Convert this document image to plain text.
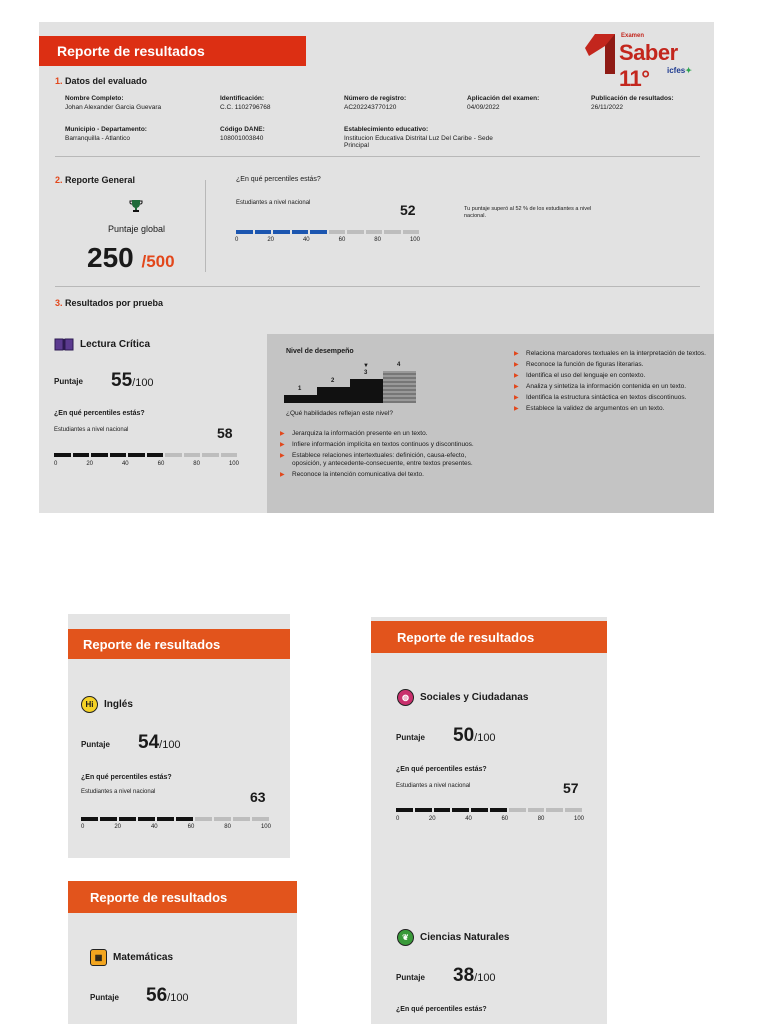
Reporte de resultados
Examen
Saber 11°	icfes✦
1. Datos del evaluado
Nombre Completo:
Johan Alexander Garcia Guevara
Identificación:
C.C. 1102796768
Número de registro:
AC202243770120
Aplicación del examen:
04/09/2022
Publicación de resultados:
26/11/2022
Municipio - Departamento:
Barranquilla - Atlantico
Código DANE:
108001003840
Establecimiento educativo:
Institucion Educativa Distrital Luz Del Caribe - Sede
Principal
2. Reporte General
Puntaje global
250 /500
¿En qué percentiles estás?
Estudiantes a nivel nacional	52
0	20	40	60	80	100
Tu puntaje superó al 52 % de los estudiantes a nivel
nacional.
3. Resultados por prueba
Lectura Crítica
Puntaje 55/100
¿En qué percentiles estás?
Estudiantes a nivel nacional	58
0	20	40	60	80	100
Nivel de desempeño
1
2
3
▼	4
¿Qué habilidades reflejan este nivel?
▶ Jerarquiza la información presente en un texto.
▶ Infiere información implícita en textos continuos y discontinuos.
▶ Establece relaciones intertextuales: definición, causa-efecto, oposición, y antecedente-consecuente, entre textos presentes.
▶ Reconoce la intención comunicativa del texto.
▶ Relaciona marcadores textuales en la interpretación de textos.
▶ Reconoce la función de figuras literarias.
▶ Identifica el uso del lenguaje en contexto.
▶ Analiza y sintetiza la información contenida en un texto.
▶ Identifica la estructura sintáctica en textos discontinuos.
▶ Establece la validez de argumentos en un texto.
Reporte de resultados
Hi	Inglés
Puntaje 54/100
¿En qué percentiles estás?
Estudiantes a nivel nacional	63
0	20	40	60	80	100
Reporte de resultados
▦	Matemáticas
Puntaje 56/100
Reporte de resultados
◍	Sociales y Ciudadanas
Puntaje 50/100
¿En qué percentiles estás?
Estudiantes a nivel nacional	57
0	20	40	60	80	100
❦	Ciencias Naturales
Puntaje 38/100
¿En qué percentiles estás?
